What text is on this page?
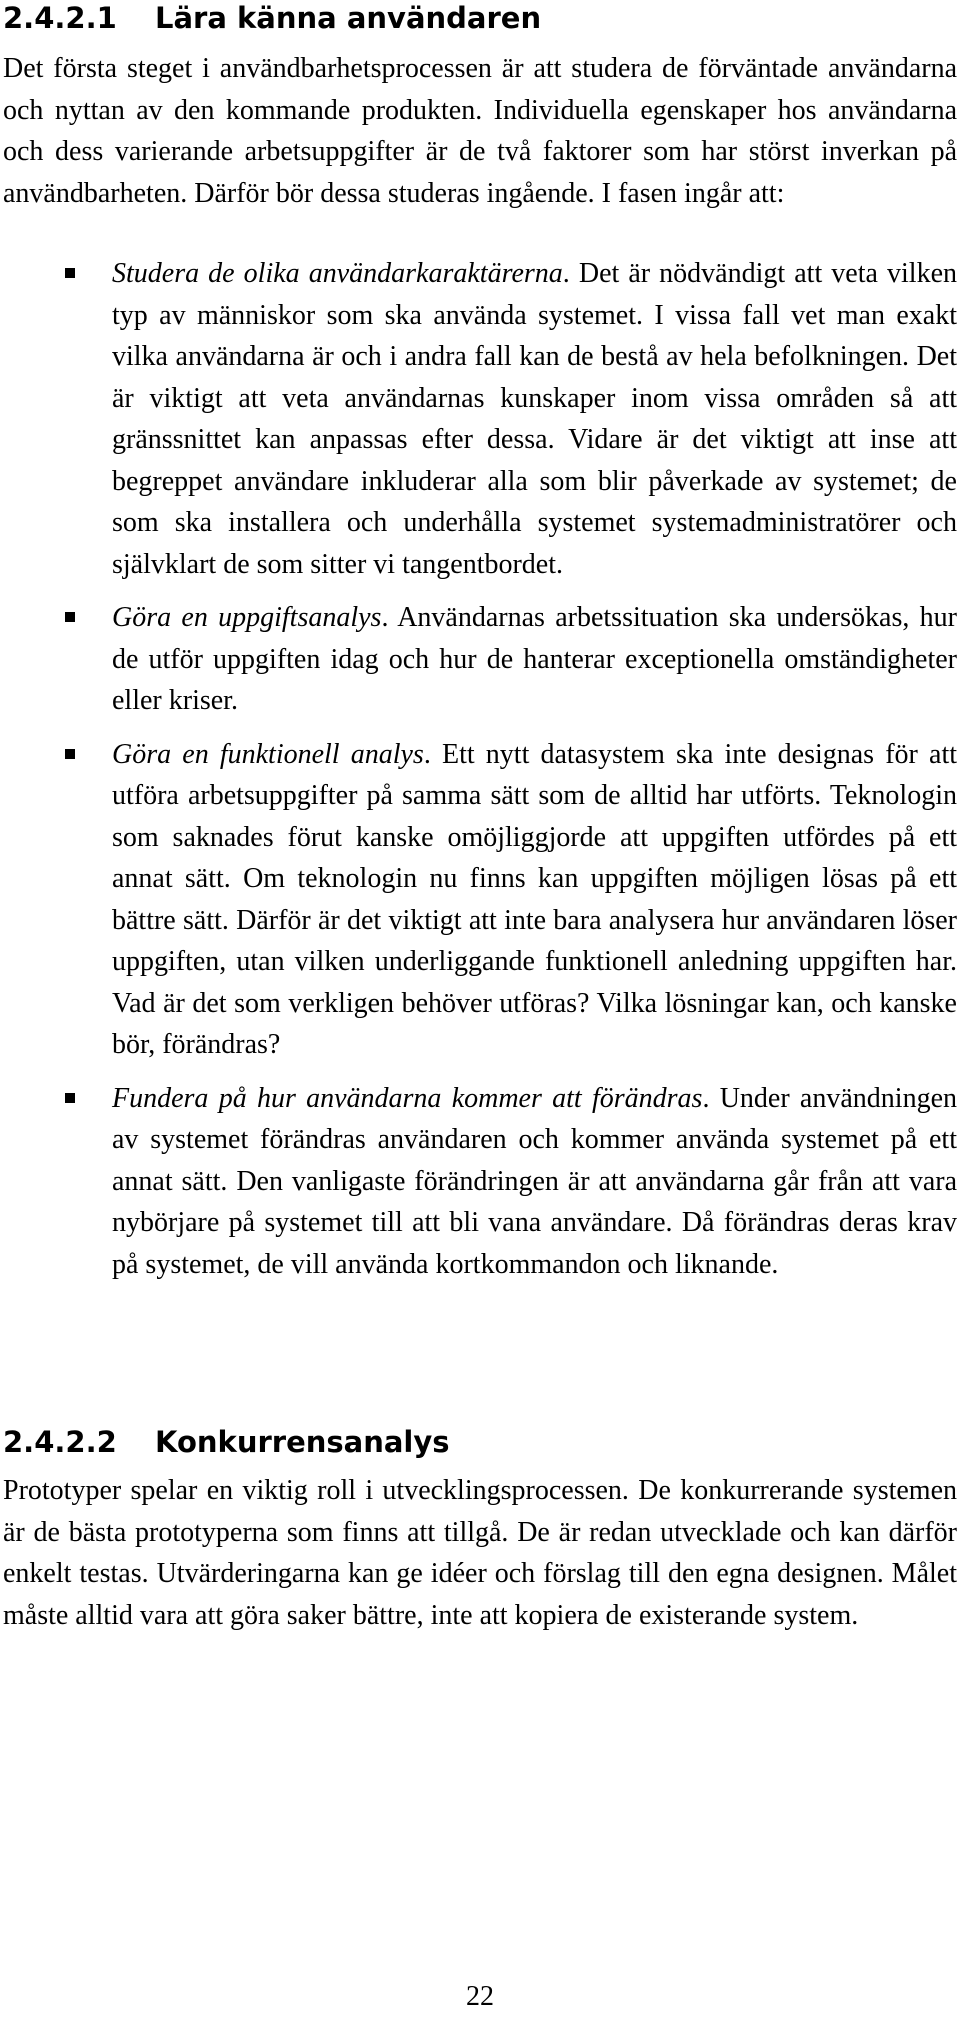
2.4.2.1 Lära känna användaren

Det första steget i användbarhetsprocessen är att studera de förväntade användarna och nyttan av den kommande produkten. Individuella egenskaper hos användarna och dess varierande arbetsuppgifter är de två faktorer som har störst inverkan på användbarheten. Därför bör dessa studeras ingående. I fasen ingår att:

Studera de olika användarkaraktärerna. Det är nödvändigt att veta vilken typ av människor som ska använda systemet. I vissa fall vet man exakt vilka användarna är och i andra fall kan de bestå av hela befolkningen. Det är viktigt att veta användarnas kunskaper inom vissa områden så att gränssnittet kan anpassas efter dessa. Vidare är det viktigt att inse att begreppet användare inkluderar alla som blir påverkade av systemet; de som ska installera och underhålla systemet systemadministratörer och självklart de som sitter vi tangentbordet.
Göra en uppgiftsanalys. Användarnas arbetssituation ska undersökas, hur de utför uppgiften idag och hur de hanterar exceptionella omständigheter eller kriser.
Göra en funktionell analys. Ett nytt datasystem ska inte designas för att utföra arbetsuppgifter på samma sätt som de alltid har utförts. Teknologin som saknades förut kanske omöjliggjorde att uppgiften utfördes på ett annat sätt. Om teknologin nu finns kan uppgiften möjligen lösas på ett bättre sätt. Därför är det viktigt att inte bara analysera hur användaren löser uppgiften, utan vilken underliggande funktionell anledning uppgiften har. Vad är det som verkligen behöver utföras? Vilka lösningar kan, och kanske bör, förändras?
Fundera på hur användarna kommer att förändras. Under användningen av systemet förändras användaren och kommer använda systemet på ett annat sätt. Den vanligaste förändringen är att användarna går från att vara nybörjare på systemet till att bli vana användare. Då förändras deras krav på systemet, de vill använda kortkommandon och liknande.
2.4.2.2 Konkurrensanalys

Prototyper spelar en viktig roll i utvecklingsprocessen. De konkurrerande systemen är de bästa prototyperna som finns att tillgå. De är redan utvecklade och kan därför enkelt testas. Utvärderingarna kan ge idéer och förslag till den egna designen. Målet måste alltid vara att göra saker bättre, inte att kopiera de existerande system.

22
